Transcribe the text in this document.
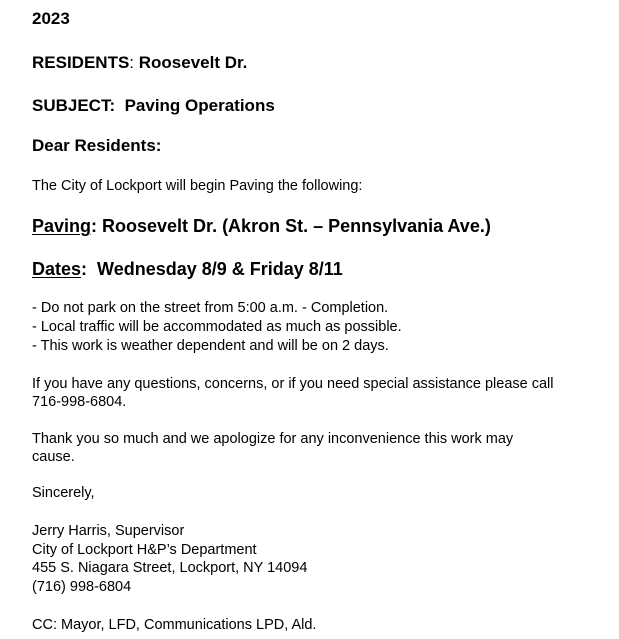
2023
RESIDENTS: Roosevelt Dr.
SUBJECT: Paving Operations
Dear Residents:
The City of Lockport will begin Paving the following:
Paving: Roosevelt Dr. (Akron St. – Pennsylvania Ave.)
Dates:  Wednesday 8/9 & Friday 8/11
- Do not park on the street from 5:00 a.m. - Completion.
- Local traffic will be accommodated as much as possible.
- This work is weather dependent and will be on 2 days.
If you have any questions, concerns, or if you need special assistance please call
716-998-6804.
Thank you so much and we apologize for any inconvenience this work may
cause.
Sincerely,
Jerry Harris, Supervisor
City of Lockport H&P’s Department
455 S. Niagara Street, Lockport, NY 14094
(716) 998-6804
CC: Mayor, LFD, Communications LPD, Ald.
